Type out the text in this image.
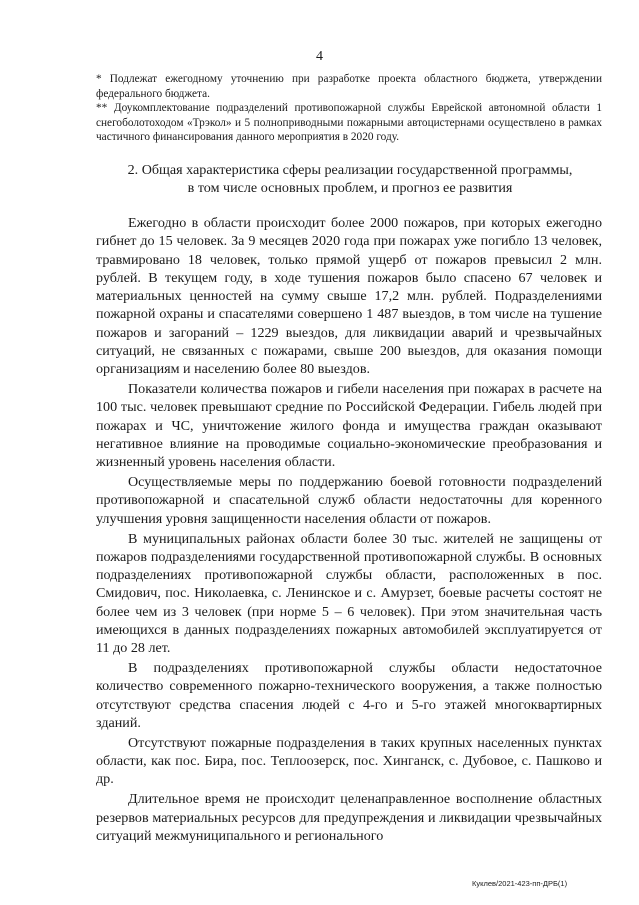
4

* Подлежат ежегодному уточнению при разработке проекта областного бюджета, утверждении федерального бюджета.

** Доукомплектование подразделений противопожарной службы Еврейской автономной области 1 снегоболотоходом «Трэкол» и 5 полноприводными пожарными автоцистернами осуществлено в рамках частичного финансирования данного мероприятия в 2020 году.

2. Общая характеристика сферы реализации государственной программы,
в том числе основных проблем, и прогноз ее развития

Ежегодно в области происходит более 2000 пожаров, при которых ежегодно гибнет до 15 человек. За 9 месяцев 2020 года при пожарах уже погибло 13 человек, травмировано 18 человек, только прямой ущерб от пожаров превысил 2 млн. рублей. В текущем году, в ходе тушения пожаров было спасено 67 человек и материальных ценностей на сумму свыше 17,2 млн. рублей. Подразделениями пожарной охраны и спасателями совершено 1 487 выездов, в том числе на тушение пожаров и загораний – 1229 выездов, для ликвидации аварий и чрезвычайных ситуаций, не связанных с пожарами, свыше 200 выездов, для оказания помощи организациям и населению более 80 выездов.

Показатели количества пожаров и гибели населения при пожарах в расчете на 100 тыс. человек превышают средние по Российской Федерации. Гибель людей при пожарах и ЧС, уничтожение жилого фонда и имущества граждан оказывают негативное влияние на проводимые социально-экономические преобразования и жизненный уровень населения области.

Осуществляемые меры по поддержанию боевой готовности подразделений противопожарной и спасательной служб области недостаточны для коренного улучшения уровня защищенности населения области от пожаров.

В муниципальных районах области более 30 тыс. жителей не защищены от пожаров подразделениями государственной противопожарной службы. В основных подразделениях противопожарной службы области, расположенных в пос. Смидович, пос. Николаевка, с. Ленинское и с. Амурзет, боевые расчеты состоят не более чем из 3 человек (при норме 5 – 6 человек). При этом значительная часть имеющихся в данных подразделениях пожарных автомобилей эксплуатируется от 11 до 28 лет.

В подразделениях противопожарной службы области недостаточное количество современного пожарно-технического вооружения, а также полностью отсутствуют средства спасения людей с 4-го и 5-го этажей многоквартирных зданий.

Отсутствуют пожарные подразделения в таких крупных населенных пунктах области, как пос. Бира, пос. Теплоозерск, пос. Хинганск, с. Дубовое, с. Пашково и др.

Длительное время не происходит целенаправленное восполнение областных резервов материальных ресурсов для предупреждения и ликвидации чрезвычайных ситуаций межмуниципального и регионального

Куклев/2021-423-пп-ДРБ(1)
